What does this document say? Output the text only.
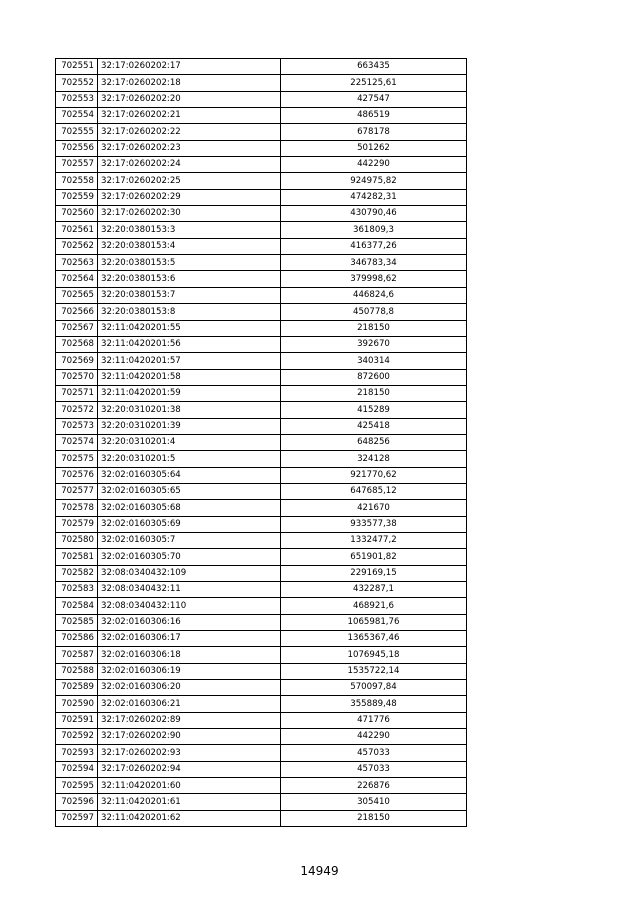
702551	32:17:0260202:17	663435
702552	32:17:0260202:18	225125,61
702553	32:17:0260202:20	427547
702554	32:17:0260202:21	486519
702555	32:17:0260202:22	678178
702556	32:17:0260202:23	501262
702557	32:17:0260202:24	442290
702558	32:17:0260202:25	924975,82
702559	32:17:0260202:29	474282,31
702560	32:17:0260202:30	430790,46
702561	32:20:0380153:3	361809,3
702562	32:20:0380153:4	416377,26
702563	32:20:0380153:5	346783,34
702564	32:20:0380153:6	379998,62
702565	32:20:0380153:7	446824,6
702566	32:20:0380153:8	450778,8
702567	32:11:0420201:55	218150
702568	32:11:0420201:56	392670
702569	32:11:0420201:57	340314
702570	32:11:0420201:58	872600
702571	32:11:0420201:59	218150
702572	32:20:0310201:38	415289
702573	32:20:0310201:39	425418
702574	32:20:0310201:4	648256
702575	32:20:0310201:5	324128
702576	32:02:0160305:64	921770,62
702577	32:02:0160305:65	647685,12
702578	32:02:0160305:68	421670
702579	32:02:0160305:69	933577,38
702580	32:02:0160305:7	1332477,2
702581	32:02:0160305:70	651901,82
702582	32:08:0340432:109	229169,15
702583	32:08:0340432:11	432287,1
702584	32:08:0340432:110	468921,6
702585	32:02:0160306:16	1065981,76
702586	32:02:0160306:17	1365367,46
702587	32:02:0160306:18	1076945,18
702588	32:02:0160306:19	1535722,14
702589	32:02:0160306:20	570097,84
702590	32:02:0160306:21	355889,48
702591	32:17:0260202:89	471776
702592	32:17:0260202:90	442290
702593	32:17:0260202:93	457033
702594	32:17:0260202:94	457033
702595	32:11:0420201:60	226876
702596	32:11:0420201:61	305410
702597	32:11:0420201:62	218150
14949
